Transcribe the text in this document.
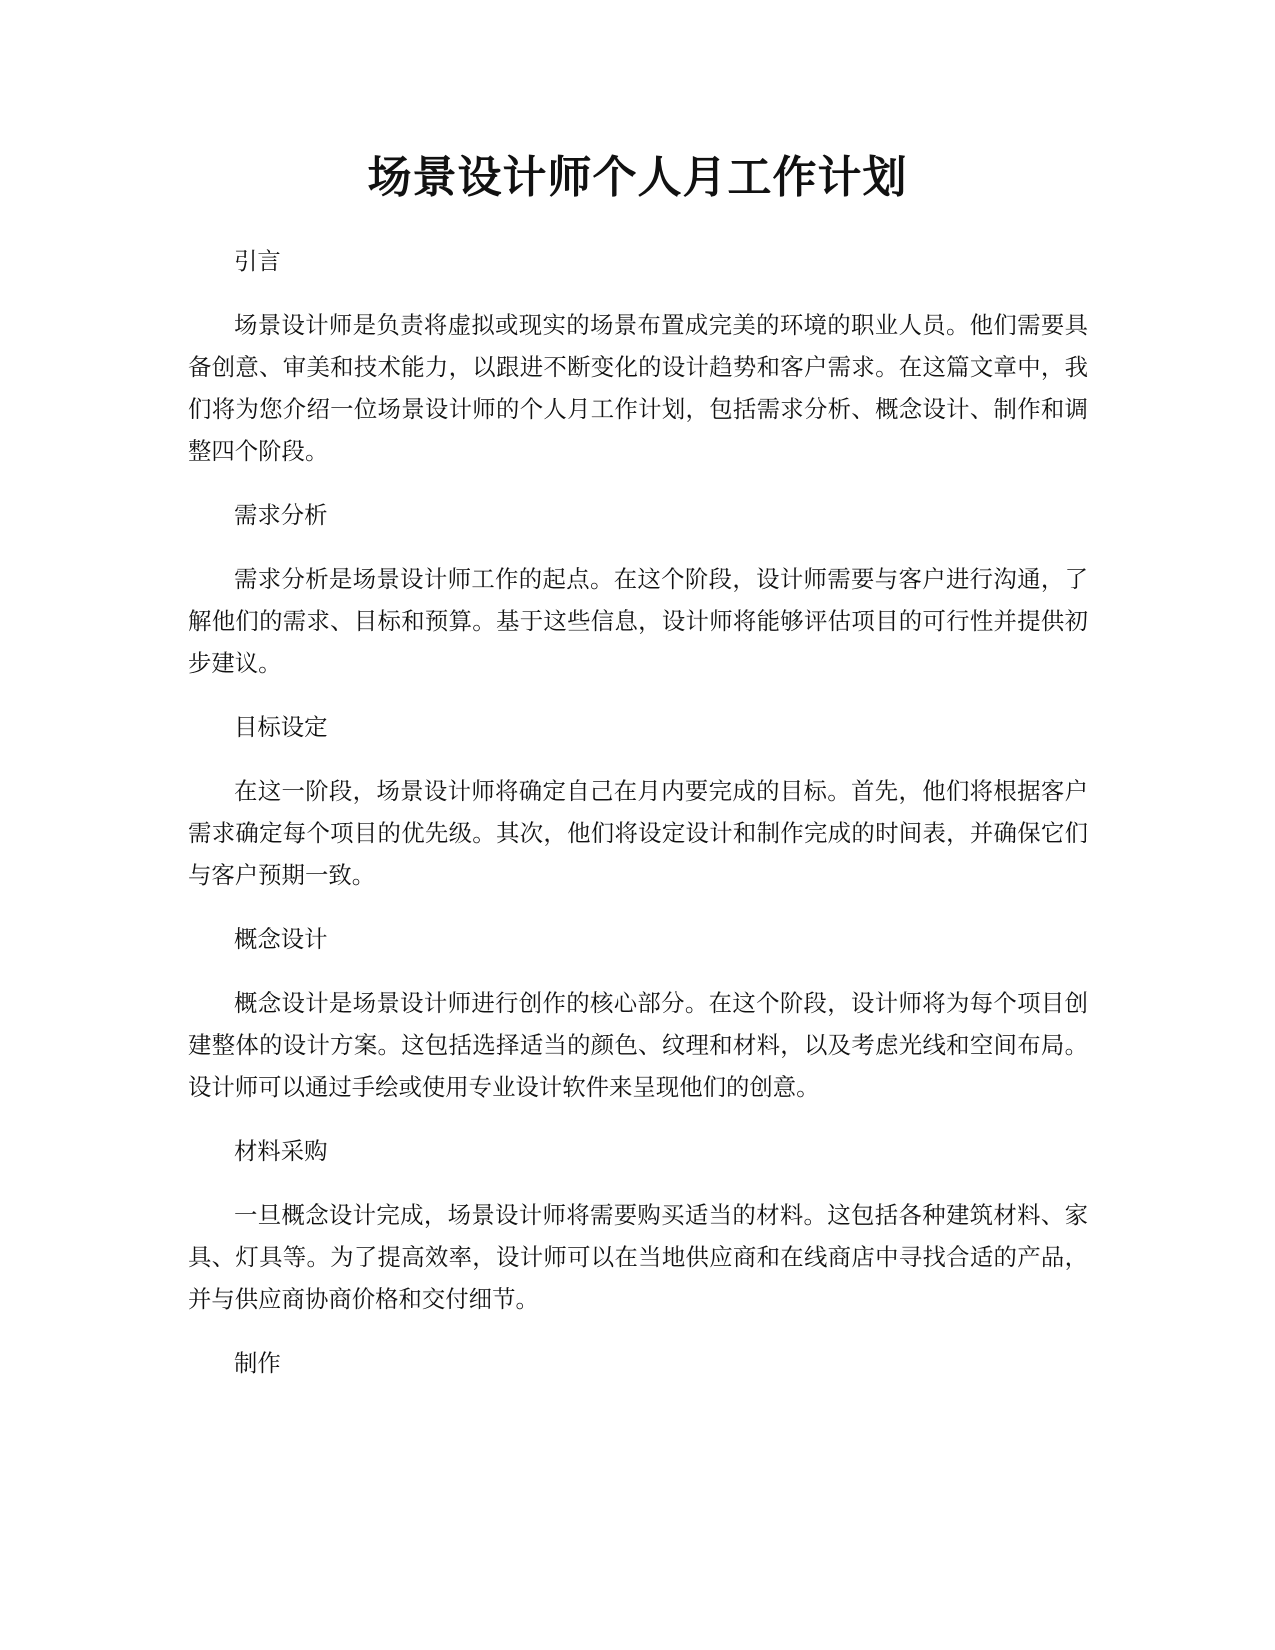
场景设计师个人月工作计划

引言

场景设计师是负责将虚拟或现实的场景布置成完美的环境的职业人员。他们需要具备创意、审美和技术能力，以跟进不断变化的设计趋势和客户需求。在这篇文章中，我们将为您介绍一位场景设计师的个人月工作计划，包括需求分析、概念设计、制作和调整四个阶段。

需求分析

需求分析是场景设计师工作的起点。在这个阶段，设计师需要与客户进行沟通，了解他们的需求、目标和预算。基于这些信息，设计师将能够评估项目的可行性并提供初步建议。

目标设定

在这一阶段，场景设计师将确定自己在月内要完成的目标。首先，他们将根据客户需求确定每个项目的优先级。其次，他们将设定设计和制作完成的时间表，并确保它们与客户预期一致。

概念设计

概念设计是场景设计师进行创作的核心部分。在这个阶段，设计师将为每个项目创建整体的设计方案。这包括选择适当的颜色、纹理和材料，以及考虑光线和空间布局。设计师可以通过手绘或使用专业设计软件来呈现他们的创意。

材料采购

一旦概念设计完成，场景设计师将需要购买适当的材料。这包括各种建筑材料、家具、灯具等。为了提高效率，设计师可以在当地供应商和在线商店中寻找合适的产品，并与供应商协商价格和交付细节。

制作
